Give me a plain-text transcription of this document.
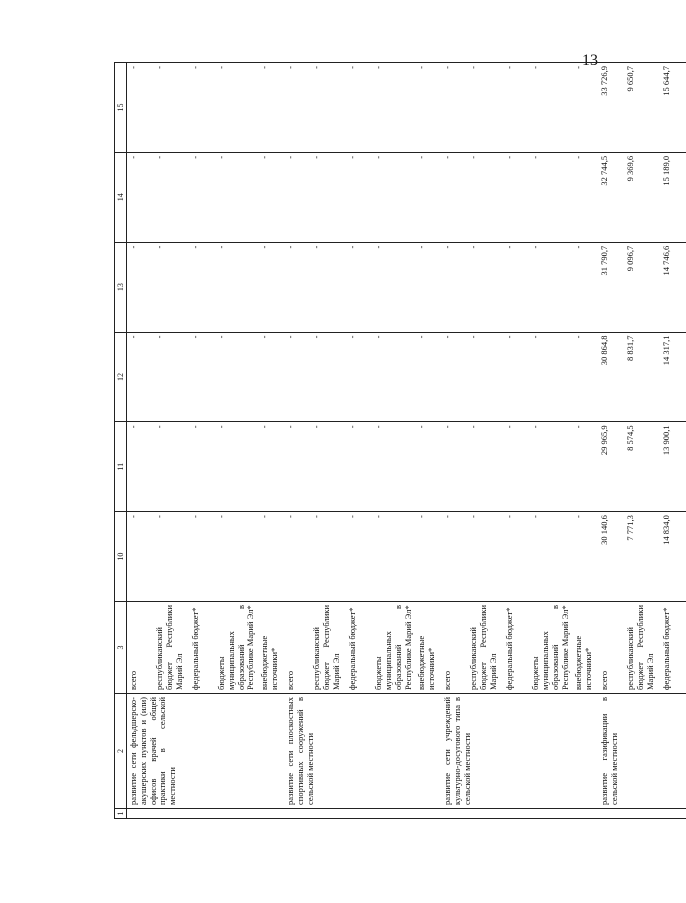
13
1	2	3	10	11	12	13	14	15
	развитие сети фельдшерско-акушерских пунктов и (или) офисов врачей общей практики в сельской местности	всего	-	-	-	-	-	-
		республиканский бюджет Республики Марий Эл	-	-	-	-	-	-
		федеральный бюджет*	-	-	-	-	-	-
		бюджеты муниципальных образований в Республике Марий Эл*	-	-	-	-	-	-
		внебюджетные источники*	-	-	-	-	-	-
	развитие сети плоскостных спортивных сооружений в сельской местности	всего	-	-	-	-	-	-
		республиканский бюджет Республики Марий Эл	-	-	-	-	-	-
		федеральный бюджет*	-	-	-	-	-	-
		бюджеты муниципальных образований в Республике Марий Эл*	-	-	-	-	-	-
		внебюджетные источники*	-	-	-	-	-	-
	развитие сети учреждений культурно-досугового типа в сельской местности	всего	-	-	-	-	-	-
		республиканский бюджет Республики Марий Эл	-	-	-	-	-	-
		федеральный бюджет*	-	-	-	-	-	-
		бюджеты муниципальных образований в Республике Марий Эл*	-	-	-	-	-	-
		внебюджетные источники*	-	-	-	-	-	-
	развитие газификации в сельской местности	всего	30 140,6	29 965,9	30 864,8	31 790,7	32 744,5	33 726,9
		республиканский бюджет Республики Марий Эл	7 771,3	8 574,5	8 831,7	9 096,7	9 369,6	9 650,7
		федеральный бюджет*	14 834,0	13 900,1	14 317,1	14 746,6	15 189,0	15 644,7
